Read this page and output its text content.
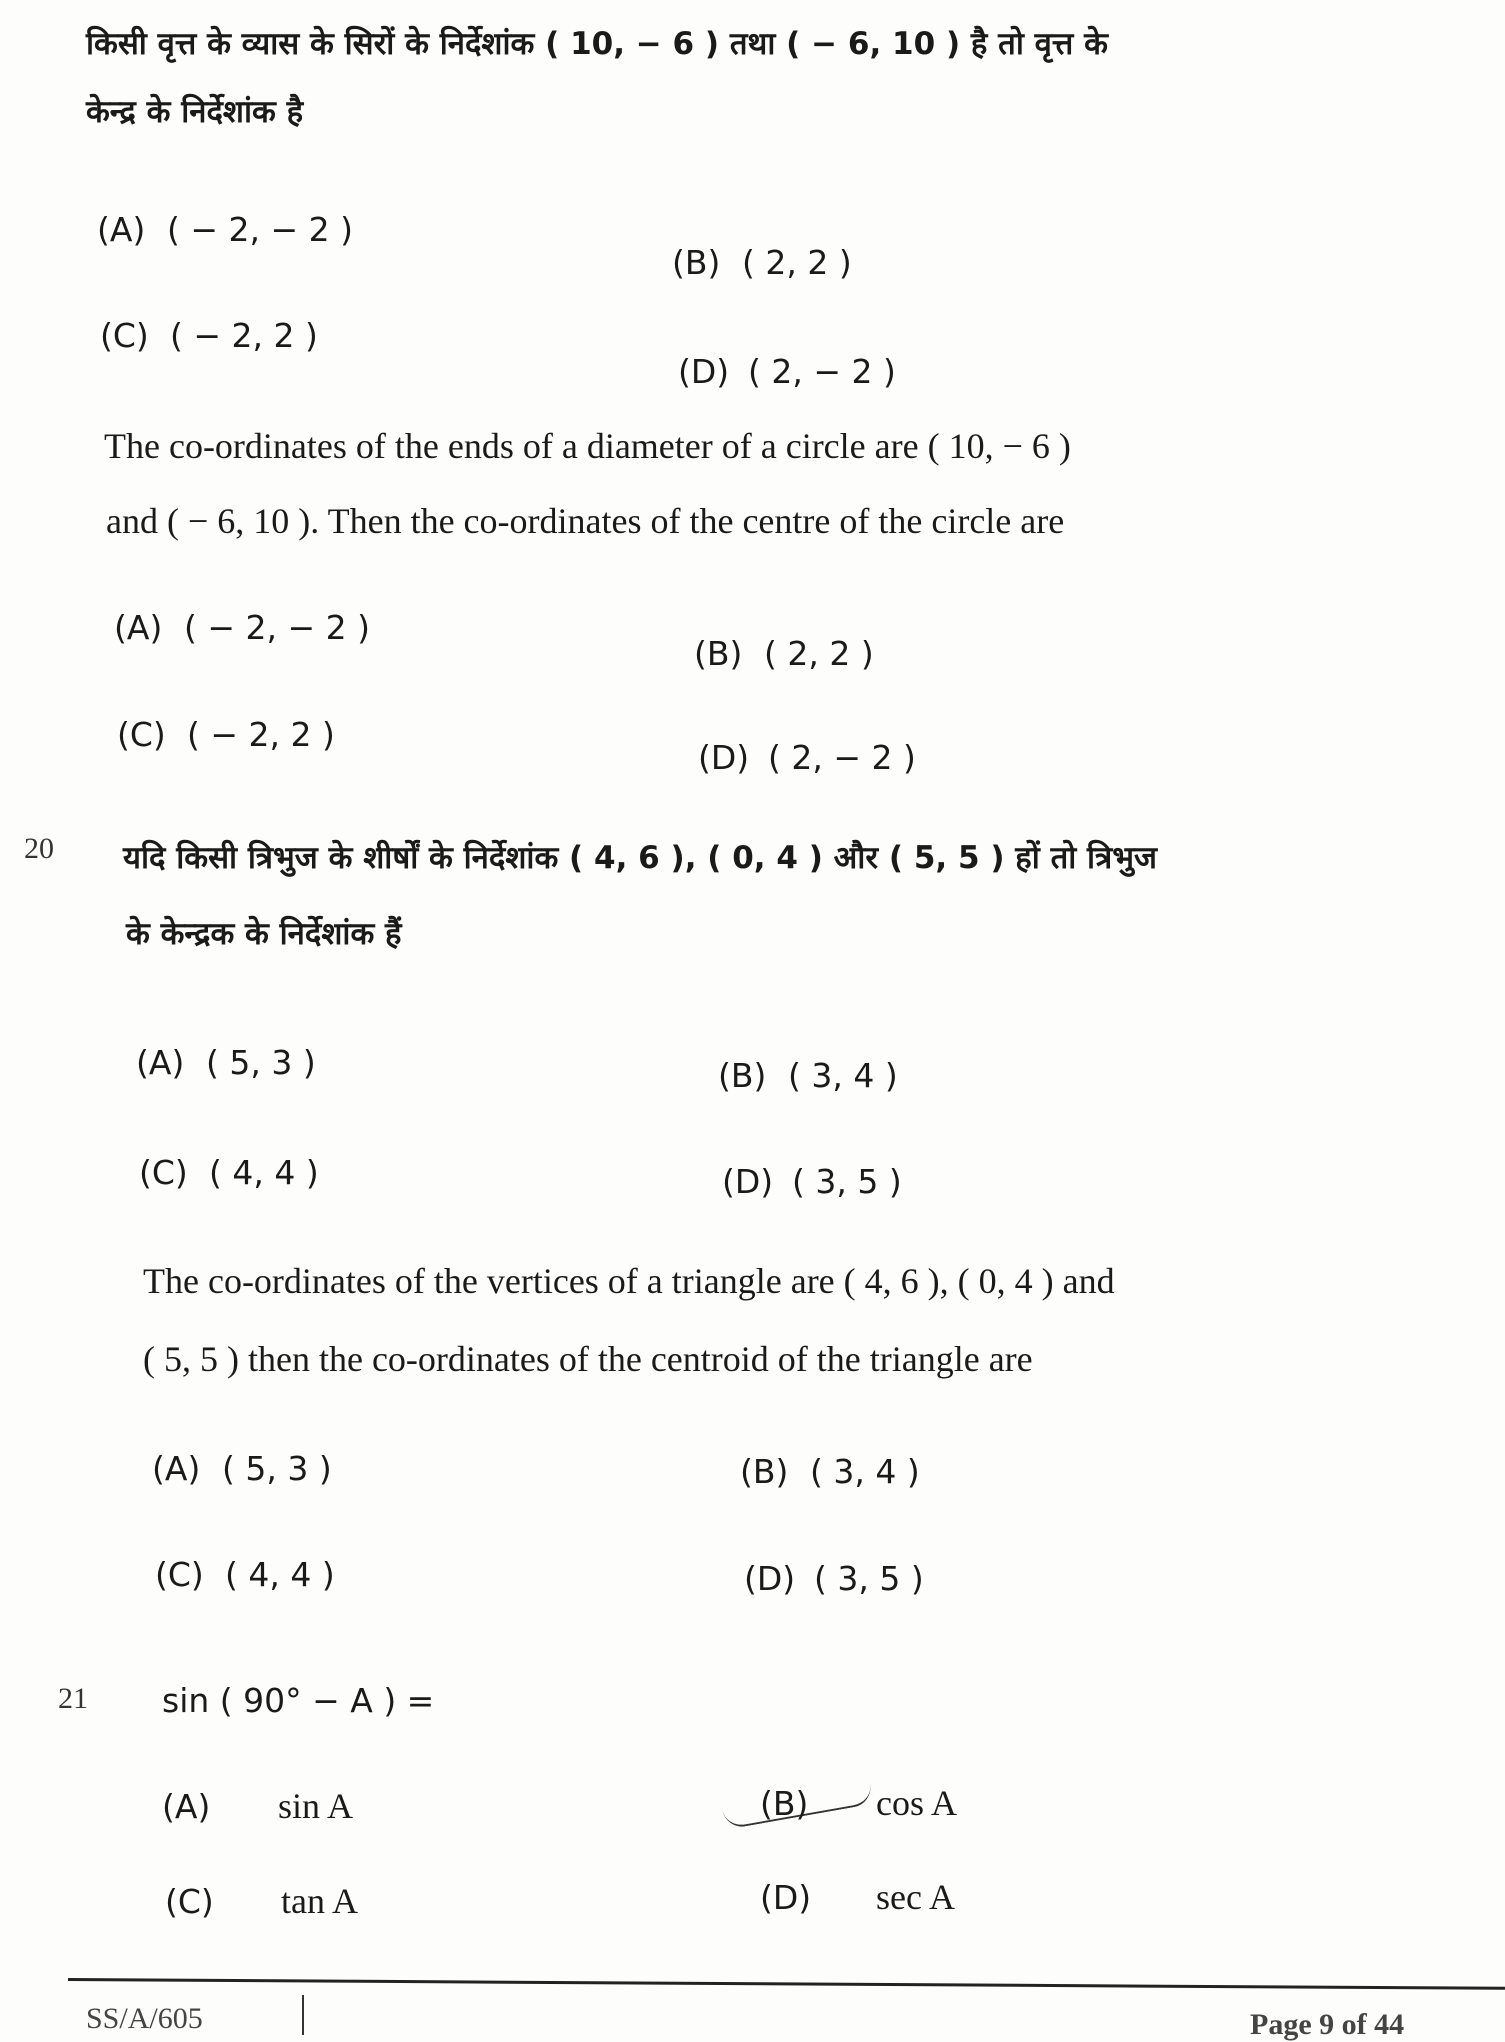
किसी वृत्त के व्यास के सिरों के निर्देशांक ( 10, − 6 ) तथा ( − 6, 10 ) है तो वृत्त के
केन्द्र के निर्देशांक है
(A) ( − 2, − 2 )
(B) ( 2, 2 )
(C) ( − 2, 2 )
(D) ( 2, − 2 )
The co-ordinates of the ends of a diameter of a circle are ( 10, − 6 )
and ( − 6, 10 ). Then the co-ordinates of the centre of the circle are
(A) ( − 2, − 2 )
(B) ( 2, 2 )
(C) ( − 2, 2 )
(D) ( 2, − 2 )
20 यदि किसी त्रिभुज के शीर्षों के निर्देशांक ( 4, 6 ), ( 0, 4 ) और ( 5, 5 ) हों तो त्रिभुज
के केन्द्रक के निर्देशांक हैं
(A) ( 5, 3 )	(B) ( 3, 4 )
(C) ( 4, 4 )	(D) ( 3, 5 )
The co-ordinates of the vertices of a triangle are ( 4, 6 ), ( 0, 4 ) and
( 5, 5 ) then the co-ordinates of the centroid of the triangle are
(A) ( 5, 3 )	(B) ( 3, 4 )
(C) ( 4, 4 )	(D) ( 3, 5 )
21 sin ( 90° − A ) =
(A) sin A	(B) cos A
(C) tan A	(D) sec A
SS/A/605	Page 9 of 44
